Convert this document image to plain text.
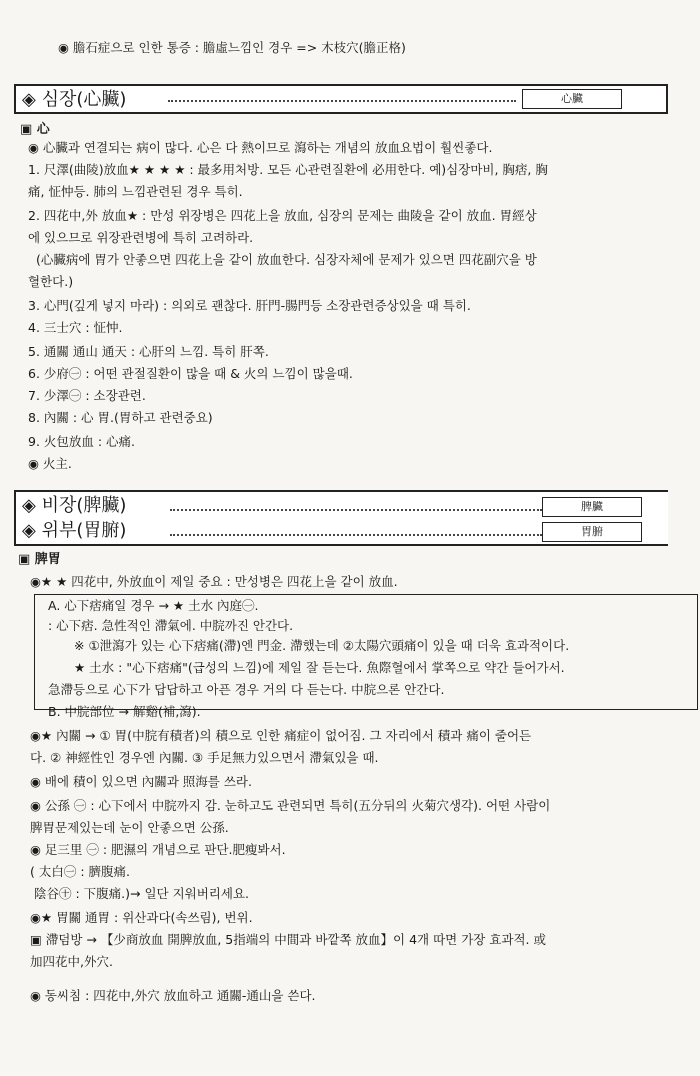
◉ 膽石症으로 인한 통증 : 膽虛느낌인 경우 => 木枝穴(膽正格)
◈ 심장(心臟)	心臟
▣ 心
◉ 心臟과 연결되는 病이 많다. 心은 다 熱이므로 瀉하는 개념의 放血요법이 훨씬좋다.
1. 尺澤(曲陵)放血★ ★ ★ ★ : 最多用처방. 모든 心관련질환에 必用한다. 예)심장마비, 胸痞, 胸
痛, 怔忡등. 肺의 느낌관련된 경우 특히.
2. 四花中,外 放血★ : 만성 위장병은 四花上을 放血, 심장의 문제는 曲陵을 같이 放血. 胃經상
에 있으므로 위장관련병에 특히 고려하라.
(心臟病에 胃가 안좋으면 四花上을 같이 放血한다. 심장자체에 문제가 있으면 四花副穴을 방
혈한다.)
3. 心門(깊게 넣지 마라) : 의외로 괜찮다. 肝門-腸門등 소장관련증상있을 때 특히.
4. 三士穴 : 怔忡.
5. 通關 通山 通天 : 心肝의 느낌. 특히 肝쪽.
6. 少府㊀ : 어떤 관절질환이 많을 때 & 火의 느낌이 많을때.
7. 少澤㊀ : 소장관련.
8. 內關 : 心 胃.(胃하고 관련중요)
9. 火包放血 : 心痛.
◉ 火主.
◈ 비장(脾臟)	脾臟
◈ 위부(胃腑)	胃腑
▣ 脾胃
◉★ ★ 四花中, 外放血이 제일 중요 : 만성병은 四花上을 같이 放血.
A. 心下痞痛일 경우 → ★ 土水 內庭㊀.
: 心下痞. 急性적인 滯氣에. 中脘까진 안간다.
※ ①泄瀉가 있는 心下痞痛(滯)엔 門金. 滯했는데 ②太陽穴頭痛이 있을 때 더욱 효과적이다.
★ 土水 : "心下痞痛"(급성의 느낌)에 제일 잘 듣는다. 魚際혈에서 掌쪽으로 약간 들어가서.
急滯등으로 心下가 답답하고 아픈 경우 거의 다 듣는다. 中脘으론 안간다.
B. 中脘部位 → 解谿(補,瀉).
◉★ 內關 → ① 胃(中脘有積者)의 積으로 인한 痛症이 없어짐. 그 자리에서 積과 痛이 줄어든
다. ② 神經性인 경우엔 內關. ③ 手足無力있으면서 滯氣있을 때.
◉ 배에 積이 있으면 內關과 照海를 쓰라.
◉ 公孫 ㊀ : 心下에서 中脘까지 감. 눈하고도 관련되면 특히(五分뒤의 火菊穴생각). 어떤 사람이
脾胃문제있는데 눈이 안좋으면 公孫.
◉ 足三里 ㊀ : 肥濕의 개념으로 판단.肥瘦봐서.
( 太白㊀ : 臍腹痛.
陰谷㊉ : 下腹痛.)→ 일단 지워버리세요.
◉★ 胃關 通胃 : 위산과다(속쓰림), 번위.
▣ 滯덤방 → 【少商放血 開脾放血, 5指端의 中間과 바깥쪽 放血】이 4개 따면 가장 효과적. 或
加四花中,外穴.
◉ 동씨침 : 四花中,外穴 放血하고 通關-通山을 쓴다.
